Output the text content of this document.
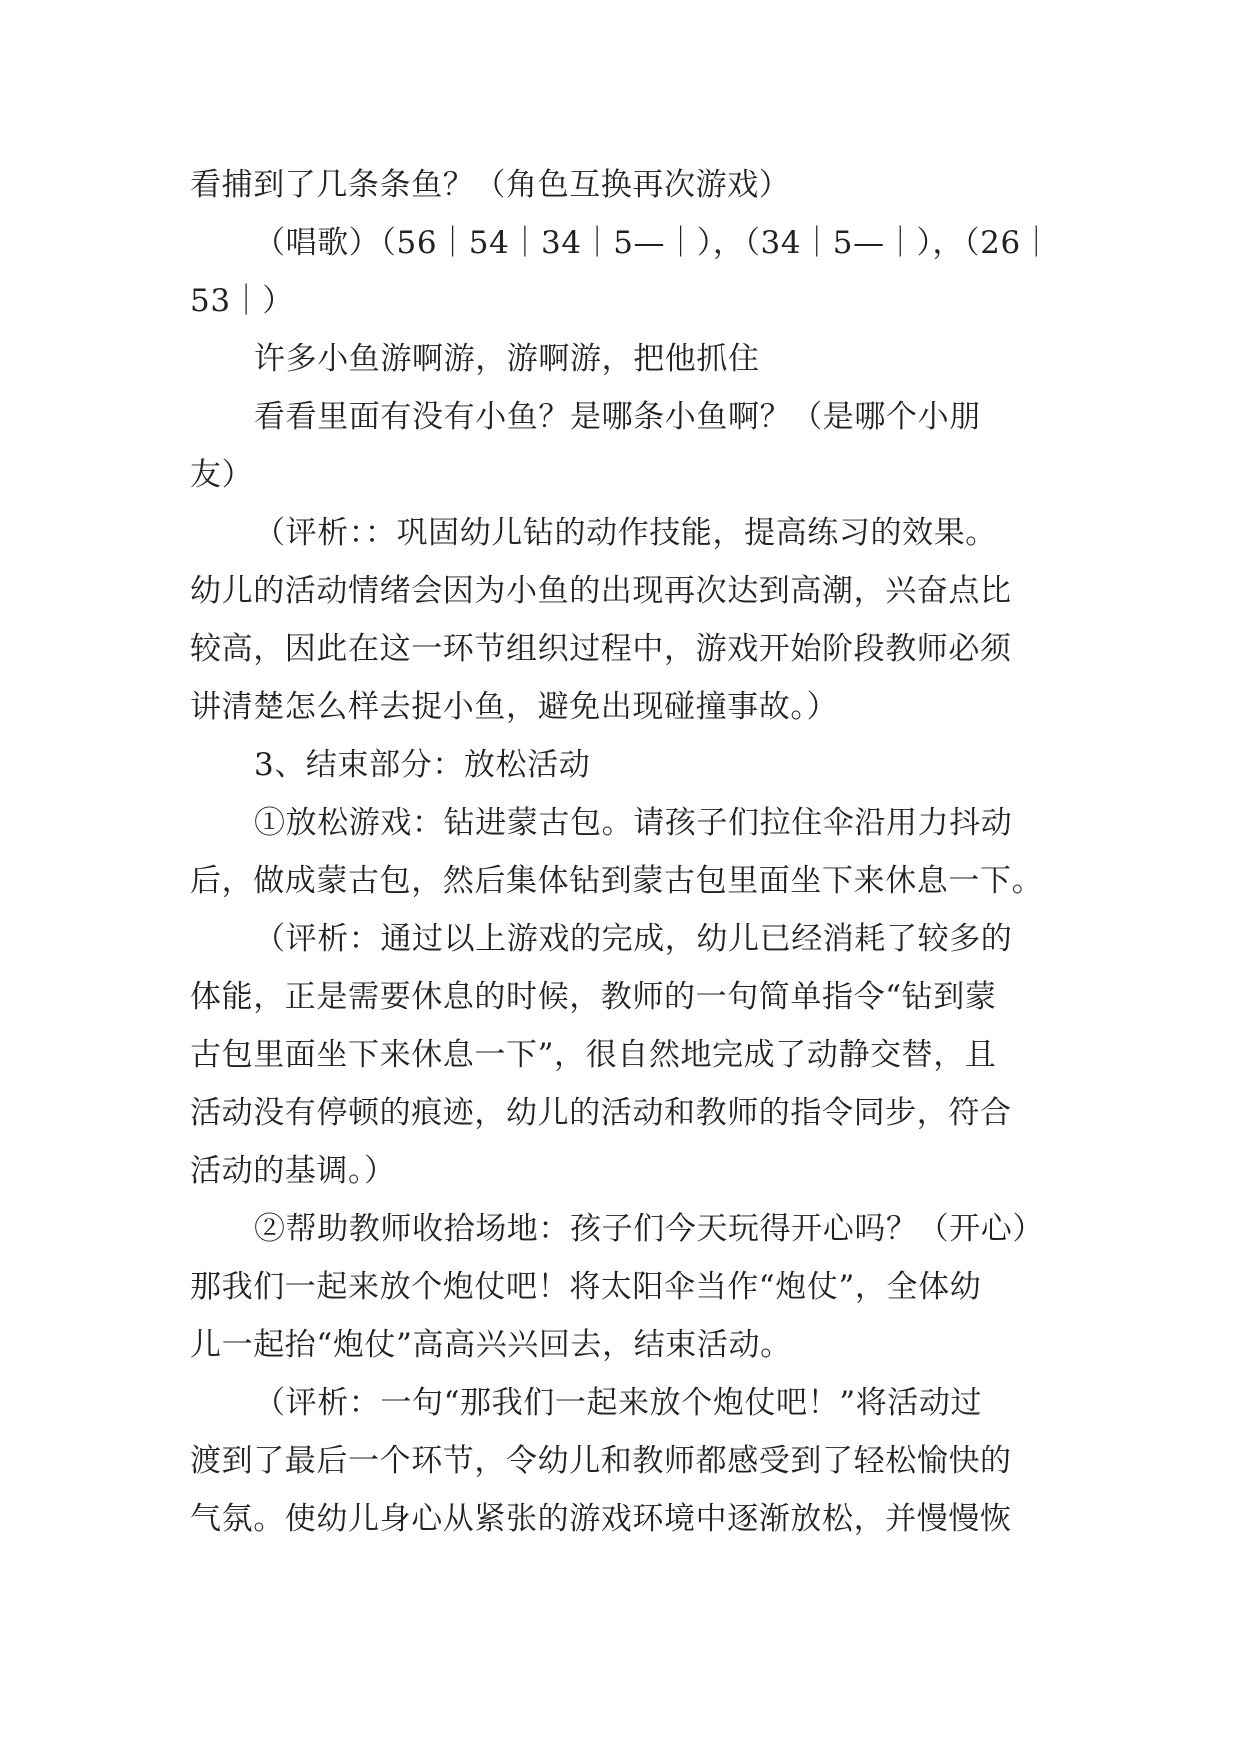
看捕到了几条条鱼？（角色互换再次游戏）
（唱歌）（56｜54｜34｜5—｜），（34｜5—｜），（26｜
53｜）
许多小鱼游啊游，游啊游，把他抓住
看看里面有没有小鱼？是哪条小鱼啊？（是哪个小朋
友）
（评析：：巩固幼儿钻的动作技能，提高练习的效果。
幼儿的活动情绪会因为小鱼的出现再次达到高潮，兴奋点比
较高，因此在这一环节组织过程中，游戏开始阶段教师必须
讲清楚怎么样去捉小鱼，避免出现碰撞事故。）
3、结束部分：放松活动
①放松游戏：钻进蒙古包。请孩子们拉住伞沿用力抖动
后，做成蒙古包，然后集体钻到蒙古包里面坐下来休息一下。
（评析：通过以上游戏的完成，幼儿已经消耗了较多的
体能，正是需要休息的时候，教师的一句简单指令“钻到蒙
古包里面坐下来休息一下”，很自然地完成了动静交替，且
活动没有停顿的痕迹，幼儿的活动和教师的指令同步，符合
活动的基调。）
②帮助教师收拾场地：孩子们今天玩得开心吗？（开心）
那我们一起来放个炮仗吧！将太阳伞当作“炮仗”，全体幼
儿一起抬“炮仗”高高兴兴回去，结束活动。
（评析：一句“那我们一起来放个炮仗吧！”将活动过
渡到了最后一个环节，令幼儿和教师都感受到了轻松愉快的
气氛。使幼儿身心从紧张的游戏环境中逐渐放松，并慢慢恢
